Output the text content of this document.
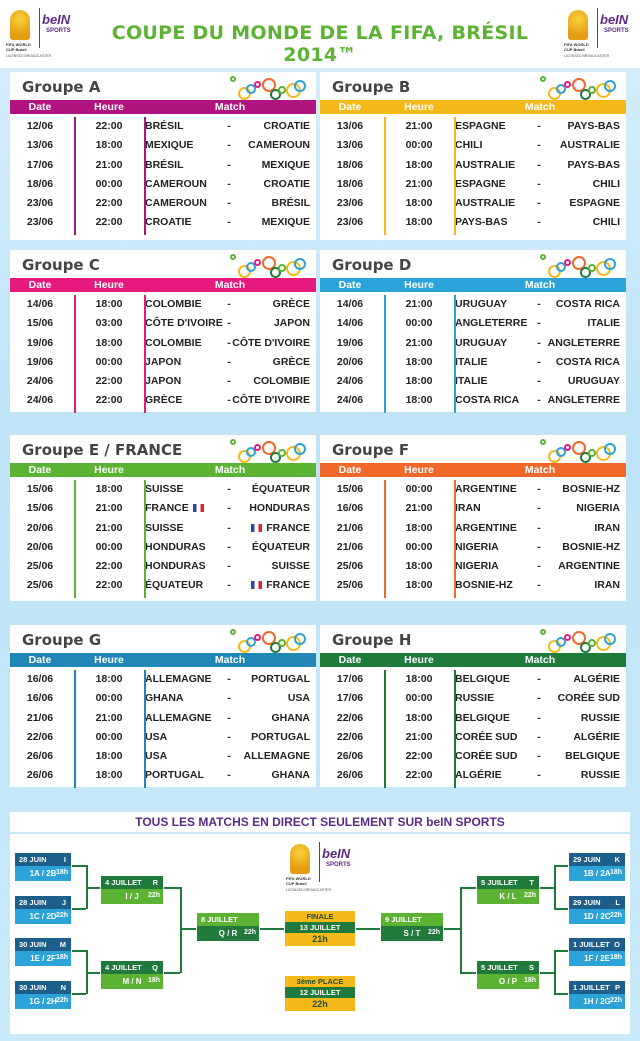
FIFA WORLD CUP Brasil
beIN
SPORTS
LICENSED BROADCASTER
COUPE DU MONDE DE LA FIFA, BRÉSIL 2014™	FIFA WORLD CUP Brasil
beIN
SPORTS
LICENSED BROADCASTER
Groupe A
Date	Heure	Match
12/06	22:00	BRÉSIL	-	CROATIE
13/06	18:00	MEXIQUE	-	CAMEROUN
17/06	21:00	BRÉSIL	-	MEXIQUE
18/06	00:00	CAMEROUN	-	CROATIE
23/06	22:00	CAMEROUN	-	BRÉSIL
23/06	22:00	CROATIE	-	MEXIQUE
Groupe B
Date	Heure	Match
13/06	21:00	ESPAGNE	-	PAYS-BAS
13/06	00:00	CHILI	-	AUSTRALIE
18/06	18:00	AUSTRALIE	-	PAYS-BAS
18/06	21:00	ESPAGNE	-	CHILI
23/06	18:00	AUSTRALIE	-	ESPAGNE
23/06	18:00	PAYS-BAS	-	CHILI
Groupe C
Date	Heure	Match
14/06	18:00	COLOMBIE	-	GRÈCE
15/06	03:00	CÔTE D'IVOIRE -	JAPON
19/06	18:00	COLOMBIE	- CÔTE D'IVOIRE
19/06	00:00	JAPON	-	GRÈCE
24/06	22:00	JAPON	-	COLOMBIE
24/06	22:00	GRÈCE	- CÔTE D'IVOIRE
Groupe D
Date	Heure	Match
14/06	21:00	URUGUAY	-	COSTA RICA
14/06	00:00	ANGLETERRE -	ITALIE
19/06	21:00	URUGUAY	- ANGLETERRE
20/06	18:00	ITALIE	-	COSTA RICA
24/06	18:00	ITALIE	-	URUGUAY
24/06	18:00	COSTA RICA	- ANGLETERRE
Groupe E / FRANCE
Date	Heure	Match
15/06	18:00	SUISSE	-	ÉQUATEUR
15/06	21:00	FRANCE	-	HONDURAS
20/06	21:00	SUISSE	-	FRANCE
20/06	00:00	HONDURAS	-	ÉQUATEUR
25/06	22:00	HONDURAS	-	SUISSE
25/06	22:00	ÉQUATEUR	-	FRANCE
Groupe F
Date	Heure	Match
15/06	00:00	ARGENTINE	-	BOSNIE-HZ
16/06	21:00	IRAN	-	NIGERIA
21/06	18:00	ARGENTINE	-	IRAN
21/06	00:00	NIGERIA	-	BOSNIE-HZ
25/06	18:00	NIGERIA	-	ARGENTINE
25/06	18:00	BOSNIE-HZ	-	IRAN
Groupe G
Date	Heure	Match
16/06	18:00	ALLEMAGNE	-	PORTUGAL
16/06	00:00	GHANA	-	USA
21/06	21:00	ALLEMAGNE	-	GHANA
22/06	00:00	USA	-	PORTUGAL
26/06	18:00	USA	-	ALLEMAGNE
26/06	18:00	PORTUGAL	-	GHANA
Groupe H
Date	Heure	Match
17/06	18:00	BELGIQUE	-	ALGÉRIE
17/06	00:00	RUSSIE	-	CORÉE SUD
22/06	18:00	BELGIQUE	-	RUSSIE
22/06	21:00	CORÉE SUD	-	ALGÉRIE
26/06	22:00	CORÉE SUD	-	BELGIQUE
26/06	22:00	ALGÉRIE	-	RUSSIE
TOUS LES MATCHS EN DIRECT SEULEMENT SUR beIN SPORTS
28 JUIN I
1A / 2B 18h
28 JUIN J
1C / 2D 22h
30 JUIN M
1E / 2F 18h
30 JUIN N
1G / 2H 22h
29 JUIN K
1B / 2A 18h
29 JUIN L
1D / 2C 22h
1 JUILLET O
1F / 2E 18h
1 JUILLET P
1H / 2G 22h
4 JUILLET R
I / J 22h
4 JUILLET Q
M / N 18h
5 JUILLET T
K / L 22h
5 JUILLET S
O / P 18h
8 JUILLET
Q / R 22h
9 JUILLET
S / T 22h
FINALE
13 JUILLET
21h
3ème PLACE
12 JUILLET
22h
FIFA WORLD CUP Brasil
beIN
SPORTS
LICENSED BROADCASTER
